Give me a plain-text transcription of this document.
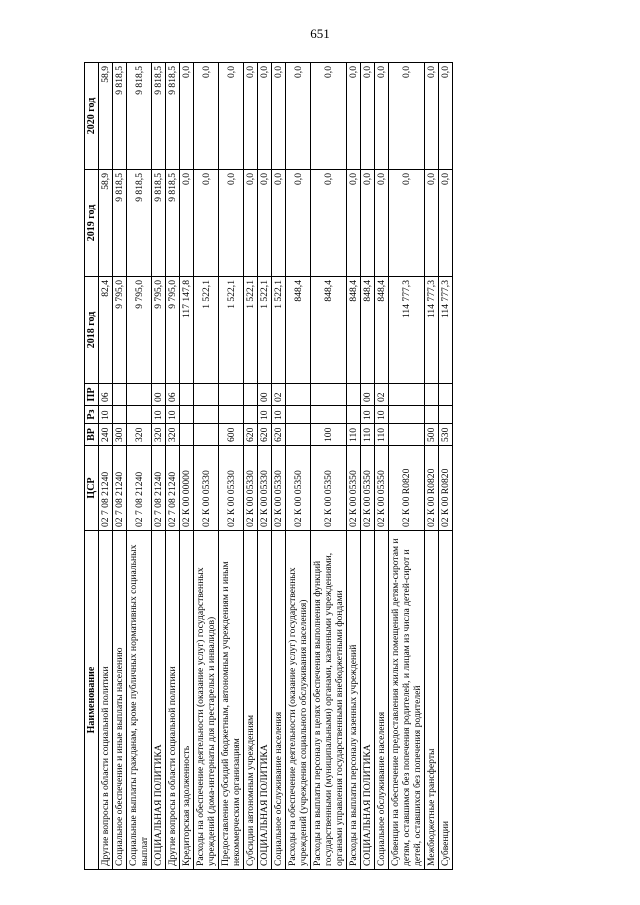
651
Наименование	ЦСР	ВР	Рз	ПР	2018 год	2019 год	2020 год
Другие вопросы в области социальной политики	02 7 08 21240	240	10	06	82,4	58,9	58,9
Социальное обеспечение и иные выплаты населению	02 7 08 21240	300			9 795,0	9 818,5	9 818,5
Социальные выплаты гражданам, кроме публичных нормативных социальных выплат	02 7 08 21240	320			9 795,0	9 818,5	9 818,5
СОЦИАЛЬНАЯ ПОЛИТИКА	02 7 08 21240	320	10	00	9 795,0	9 818,5	9 818,5
Другие вопросы в области социальной политики	02 7 08 21240	320	10	06	9 795,0	9 818,5	9 818,5
Кредиторская задолженность	02 К 00 00000				117 147,8	0,0	0,0
Расходы на обеспечение деятельности (оказание услуг) государственных учреждений (дома-интернаты для престарелых и инвалидов)	02 К 00 05330				1 522,1	0,0	0,0
Предоставление субсидий бюджетным, автономным учреждениям и иным некоммерческим организациям	02 К 00 05330	600			1 522,1	0,0	0,0
Субсидии автономным учреждениям	02 К 00 05330	620			1 522,1	0,0	0,0
СОЦИАЛЬНАЯ ПОЛИТИКА	02 К 00 05330	620	10	00	1 522,1	0,0	0,0
Социальное обслуживание населения	02 К 00 05330	620	10	02	1 522,1	0,0	0,0
Расходы на обеспечение деятельности (оказание услуг) государственных учреждений (учреждения социального обслуживания населения)	02 К 00 05350				848,4	0,0	0,0
Расходы на выплаты персоналу в целях обеспечения выполнения функций государственными (муниципальными) органами, казенными учреждениями, органами управления государственными внебюджетными фондами	02 К 00 05350	100			848,4	0,0	0,0
Расходы на выплаты персоналу казенных учреждений	02 К 00 05350	110			848,4	0,0	0,0
СОЦИАЛЬНАЯ ПОЛИТИКА	02 К 00 05350	110	10	00	848,4	0,0	0,0
Социальное обслуживание населения	02 К 00 05350	110	10	02	848,4	0,0	0,0
Субвенции на обеспечение предоставления жилых помещений детям-сиротам и детям, оставшимся без попечения родителей, и лицам из числа детей-сирот и детей, оставшихся без попечения родителей	02 К 00 R0820				114 777,3	0,0	0,0
Межбюджетные трансферты	02 К 00 R0820	500			114 777,3	0,0	0,0
Субвенции	02 К 00 R0820	530			114 777,3	0,0	0,0
